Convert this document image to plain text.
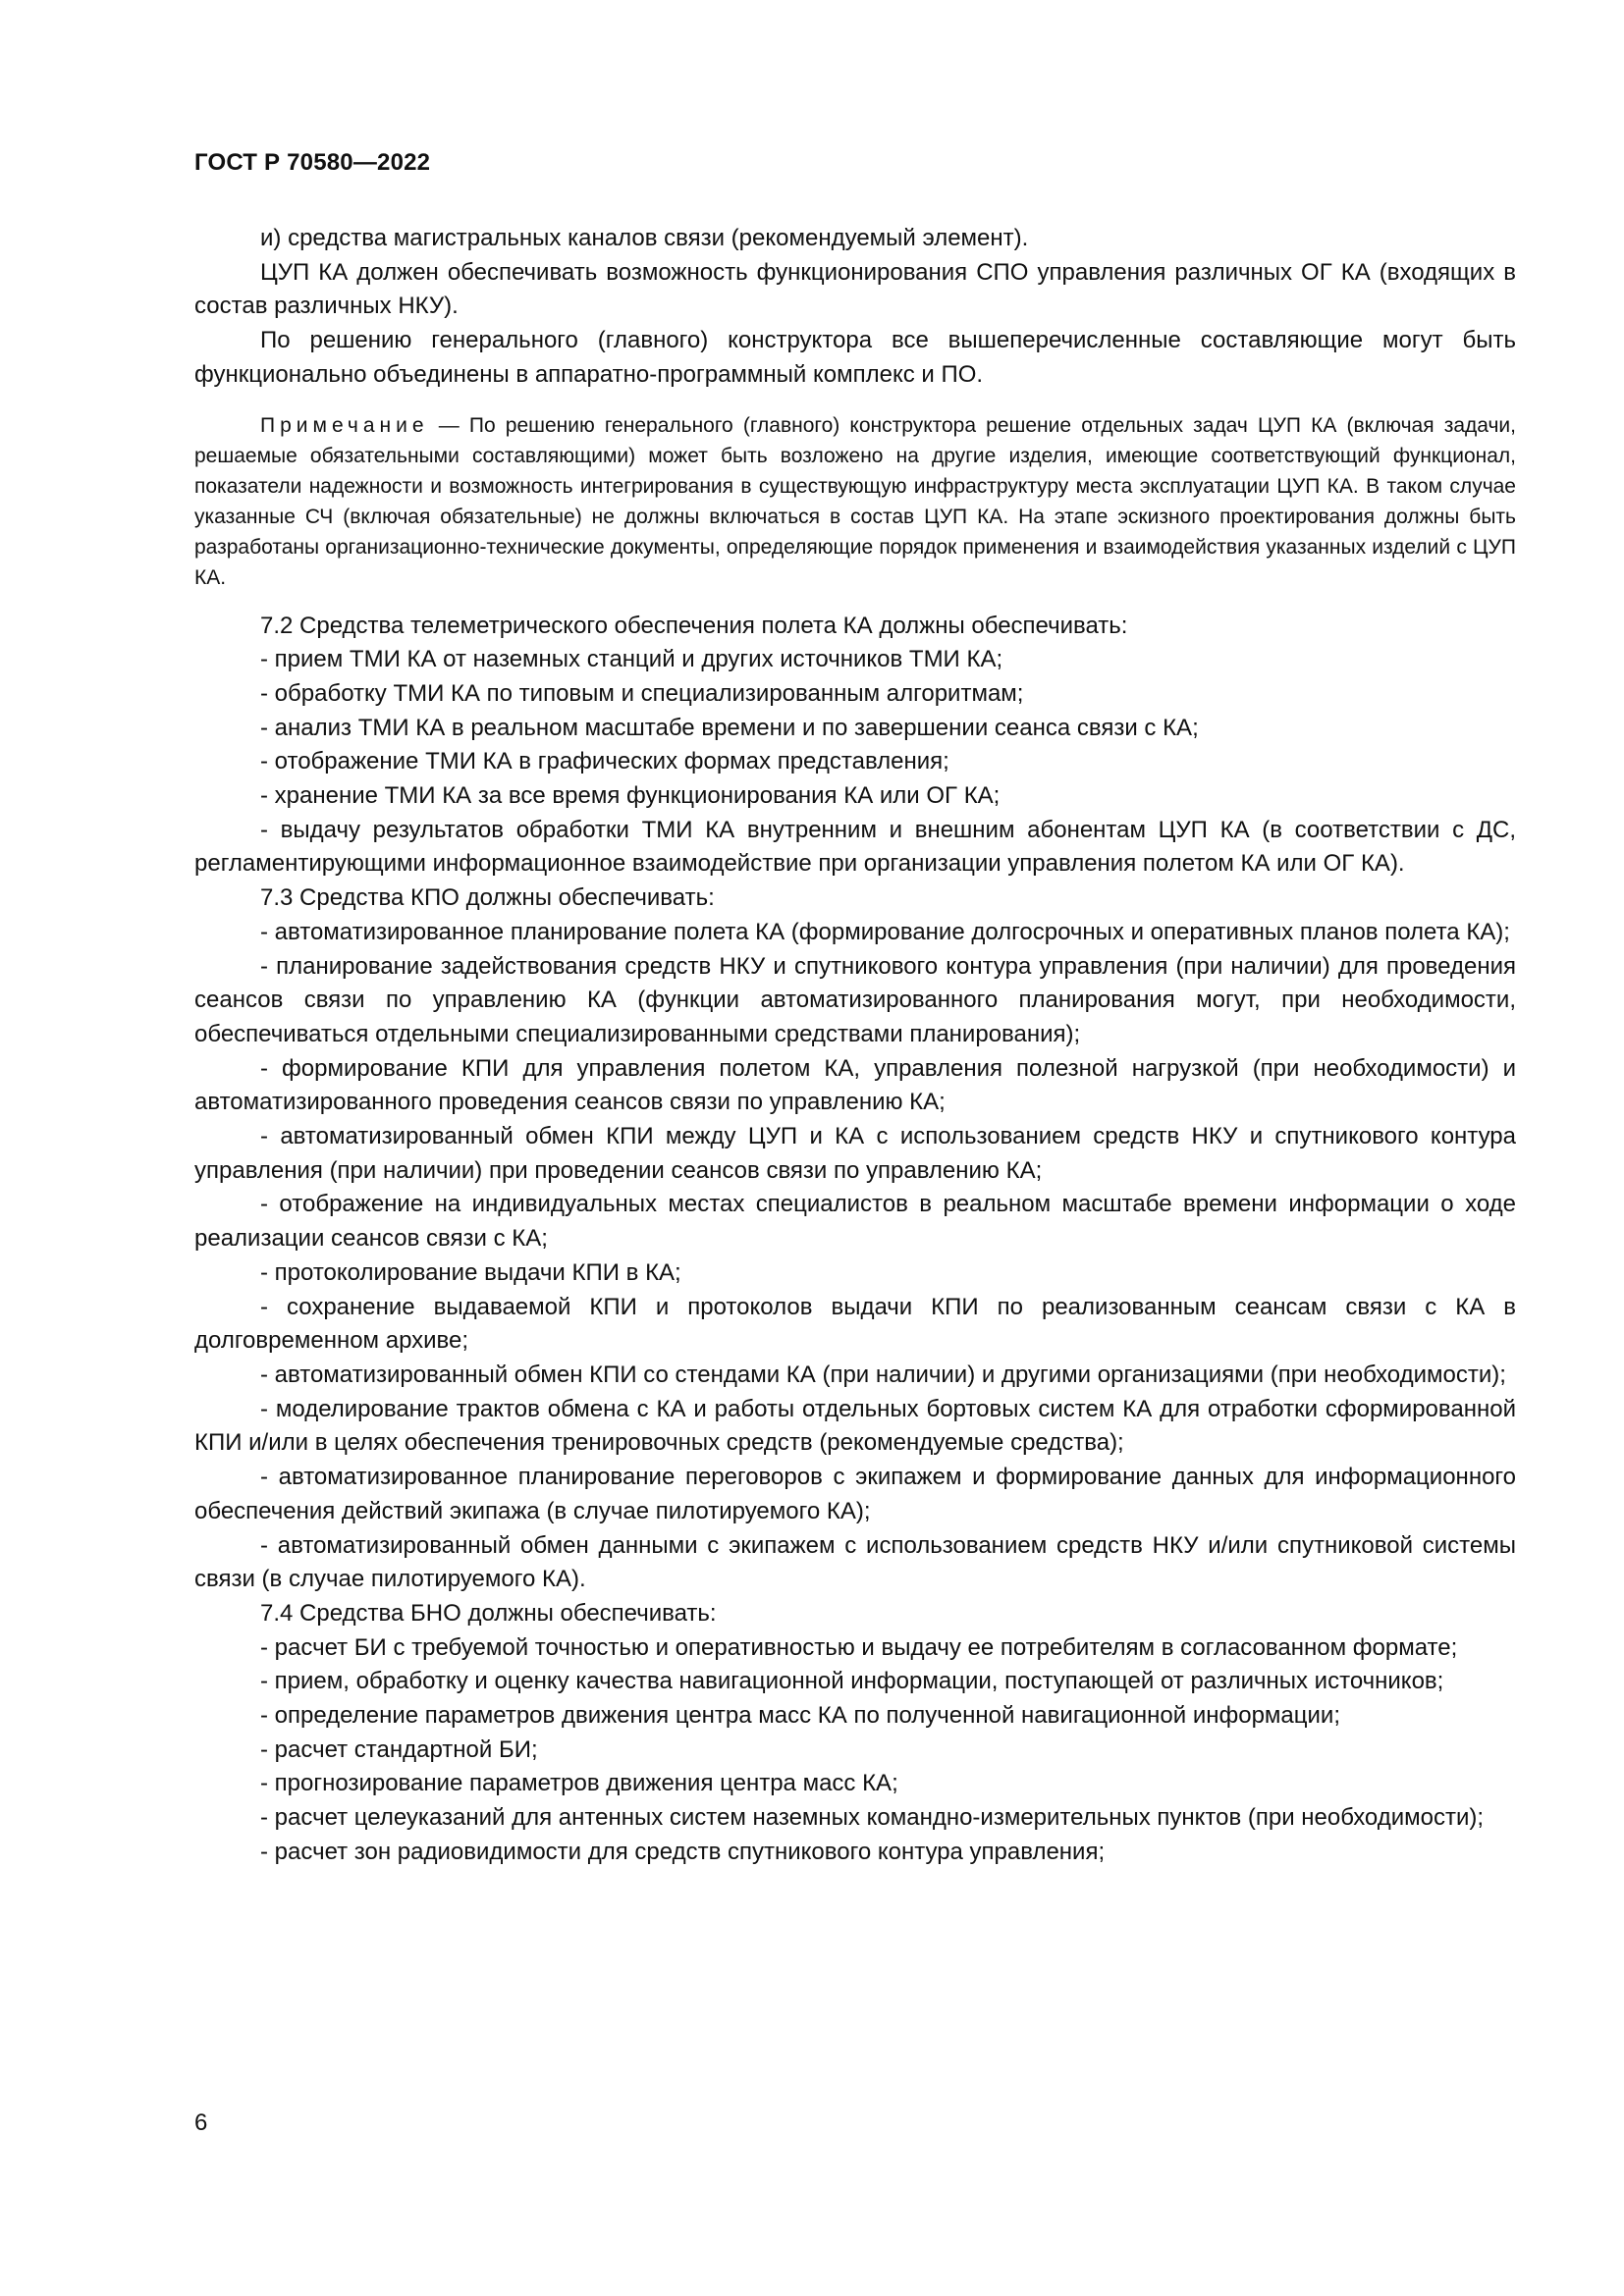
ГОСТ Р 70580—2022

и) средства магистральных каналов связи (рекомендуемый элемент).

ЦУП КА должен обеспечивать возможность функционирования СПО управления различных ОГ КА (входящих в состав различных НКУ).

По решению генерального (главного) конструктора все вышеперечисленные составляющие могут быть функционально объединены в аппаратно-программный комплекс и ПО.

Примечание — По решению генерального (главного) конструктора решение отдельных задач ЦУП КА (включая задачи, решаемые обязательными составляющими) может быть возложено на другие изделия, имеющие соответствующий функционал, показатели надежности и возможность интегрирования в существующую инфраструктуру места эксплуатации ЦУП КА. В таком случае указанные СЧ (включая обязательные) не должны включаться в состав ЦУП КА. На этапе эскизного проектирования должны быть разработаны организационно-технические документы, определяющие порядок применения и взаимодействия указанных изделий с ЦУП КА.

7.2 Средства телеметрического обеспечения полета КА должны обеспечивать:

- прием ТМИ КА от наземных станций и других источников ТМИ КА;

- обработку ТМИ КА по типовым и специализированным алгоритмам;

- анализ ТМИ КА в реальном масштабе времени и по завершении сеанса связи с КА;

- отображение ТМИ КА в графических формах представления;

- хранение ТМИ КА за все время функционирования КА или ОГ КА;

- выдачу результатов обработки ТМИ КА внутренним и внешним абонентам ЦУП КА (в соответствии с ДС, регламентирующими информационное взаимодействие при организации управления полетом КА или ОГ КА).

7.3 Средства КПО должны обеспечивать:

- автоматизированное планирование полета КА (формирование долгосрочных и оперативных планов полета КА);

- планирование задействования средств НКУ и спутникового контура управления (при наличии) для проведения сеансов связи по управлению КА (функции автоматизированного планирования могут, при необходимости, обеспечиваться отдельными специализированными средствами планирования);

- формирование КПИ для управления полетом КА, управления полезной нагрузкой (при необходимости) и автоматизированного проведения сеансов связи по управлению КА;

- автоматизированный обмен КПИ между ЦУП и КА с использованием средств НКУ и спутникового контура управления (при наличии) при проведении сеансов связи по управлению КА;

- отображение на индивидуальных местах специалистов в реальном масштабе времени информации о ходе реализации сеансов связи с КА;

- протоколирование выдачи КПИ в КА;

- сохранение выдаваемой КПИ и протоколов выдачи КПИ по реализованным сеансам связи с КА в долговременном архиве;

- автоматизированный обмен КПИ со стендами КА (при наличии) и другими организациями (при необходимости);

- моделирование трактов обмена с КА и работы отдельных бортовых систем КА для отработки сформированной КПИ и/или в целях обеспечения тренировочных средств (рекомендуемые средства);

- автоматизированное планирование переговоров с экипажем и формирование данных для информационного обеспечения действий экипажа (в случае пилотируемого КА);

- автоматизированный обмен данными с экипажем с использованием средств НКУ и/или спутниковой системы связи (в случае пилотируемого КА).

7.4 Средства БНО должны обеспечивать:

- расчет БИ с требуемой точностью и оперативностью и выдачу ее потребителям в согласованном формате;

- прием, обработку и оценку качества навигационной информации, поступающей от различных источников;

- определение параметров движения центра масс КА по полученной навигационной информации;

- расчет стандартной БИ;

- прогнозирование параметров движения центра масс КА;

- расчет целеуказаний для антенных систем наземных командно-измерительных пунктов (при необходимости);

- расчет зон радиовидимости для средств спутникового контура управления;

6
